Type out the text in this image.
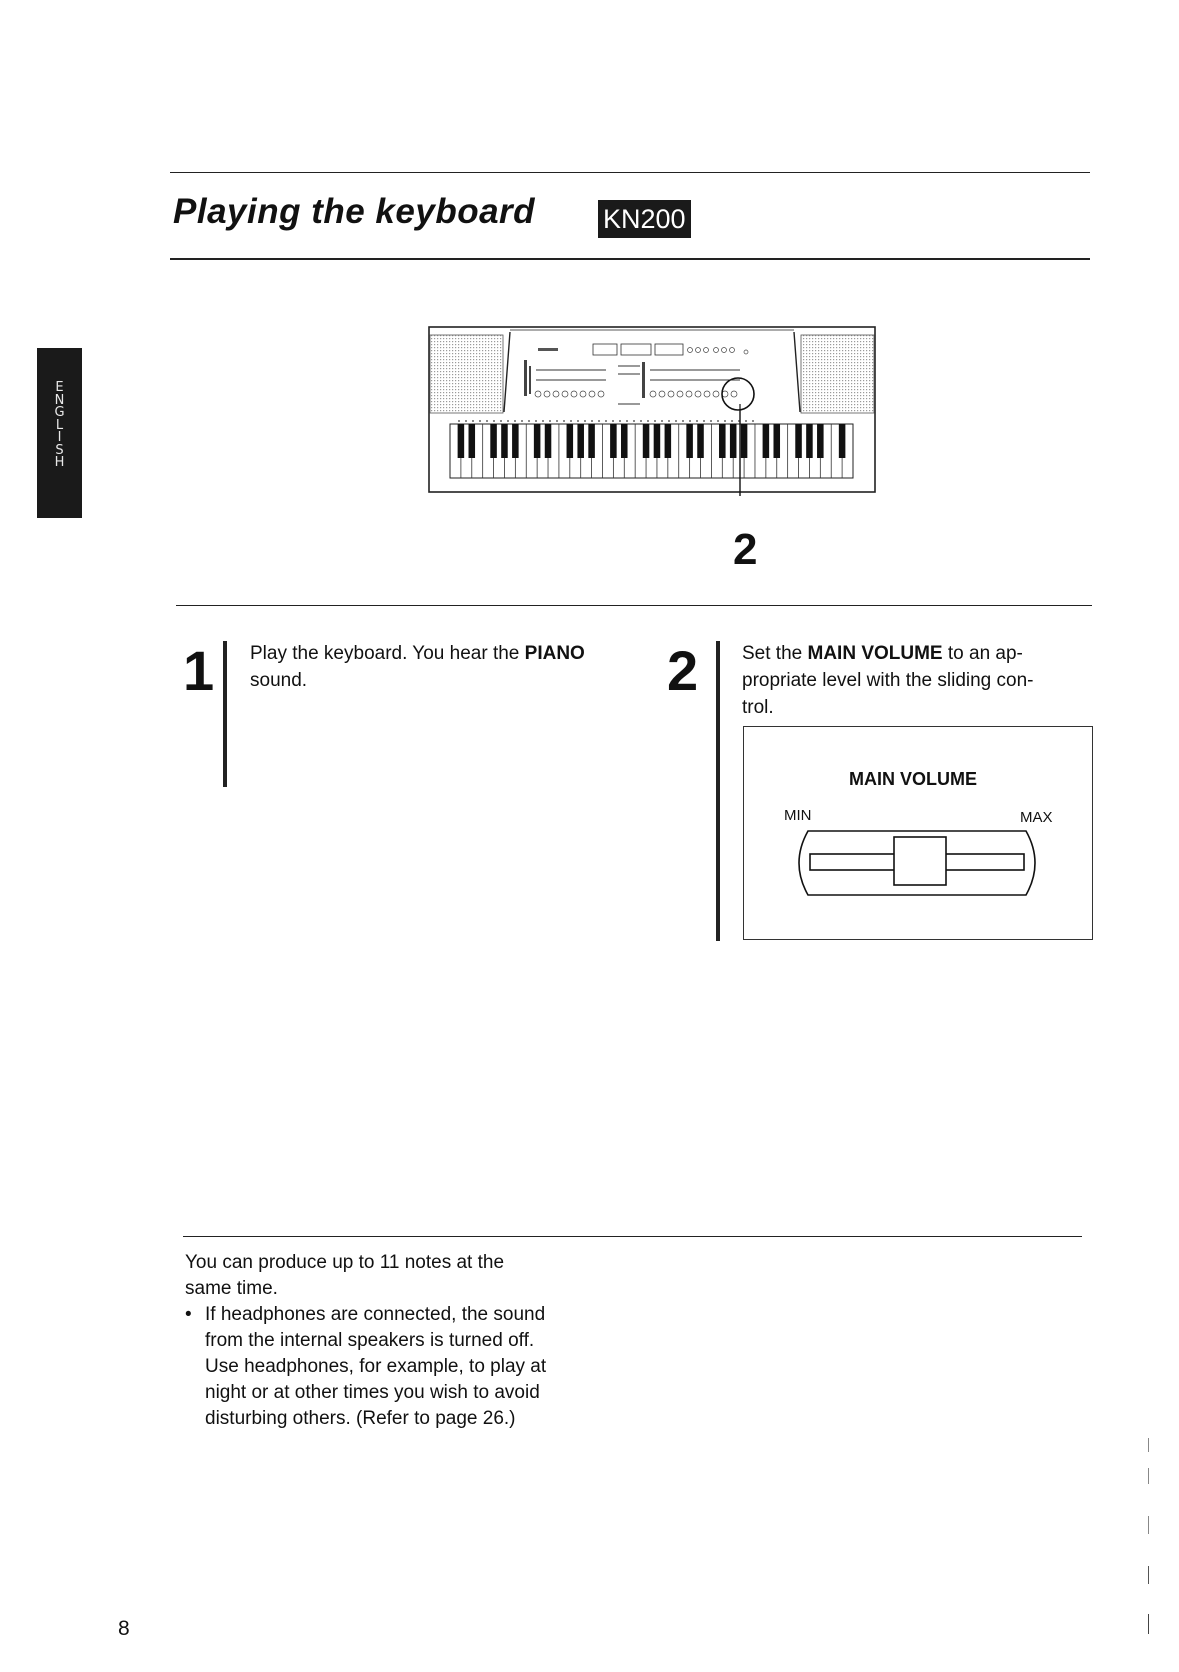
E
N
G
L
I
S
H
Playing the keyboard	KN200
2
1 Play the keyboard. You hear the PIANO sound.	2 Set the MAIN VOLUME to an ap-
propriate level with the sliding con-
trol.
MAIN VOLUME
MIN	MAX
You can produce up to 11 notes at the
same time.
• If headphones are connected, the sound
from the internal speakers is turned off.
Use headphones, for example, to play at
night or at other times you wish to avoid
disturbing others. (Refer to page 26.)
8
